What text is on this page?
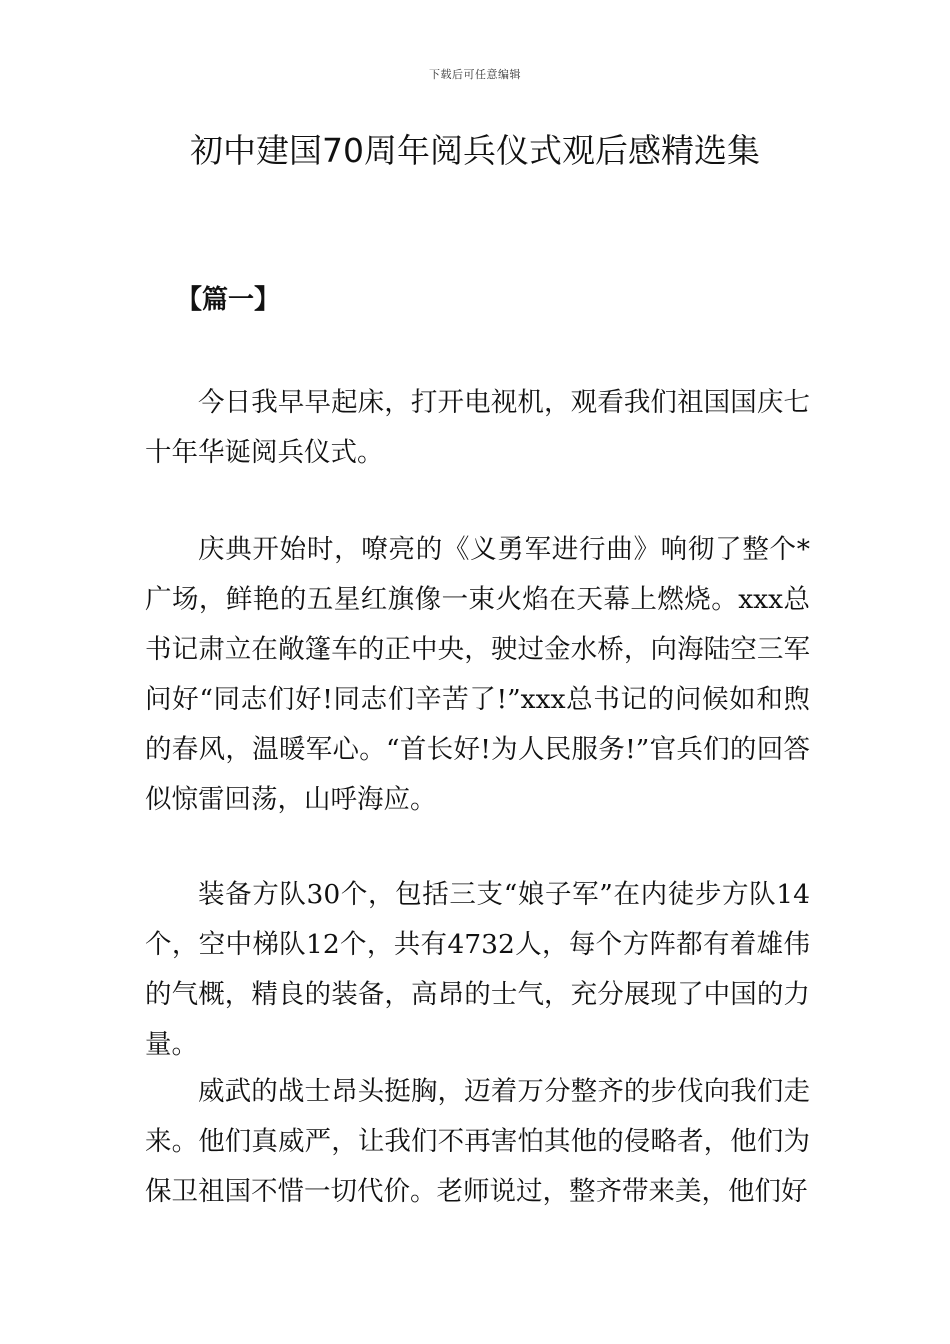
下载后可任意编辑
初中建国70周年阅兵仪式观后感精选集
【篇一】

今日我早早起床，打开电视机，观看我们祖国国庆七十年华诞阅兵仪式。

庆典开始时，嘹亮的《义勇军进行曲》响彻了整个*广场，鲜艳的五星红旗像一束火焰在天幕上燃烧。xxx总书记肃立在敞篷车的正中央，驶过金水桥，向海陆空三军问好“同志们好!同志们辛苦了!”xxx总书记的问候如和煦的春风，温暖军心。“首长好!为人民服务!”官兵们的回答似惊雷回荡，山呼海应。

装备方队30个，包括三支“娘子军”在内徒步方队14个，空中梯队12个，共有4732人，每个方阵都有着雄伟的气概，精良的装备，高昂的士气，充分展现了中国的力量。

威武的战士昂头挺胸，迈着万分整齐的步伐向我们走来。他们真威严，让我们不再害怕其他的侵略者，他们为保卫祖国不惜一切代价。老师说过，整齐带来美，他们好
